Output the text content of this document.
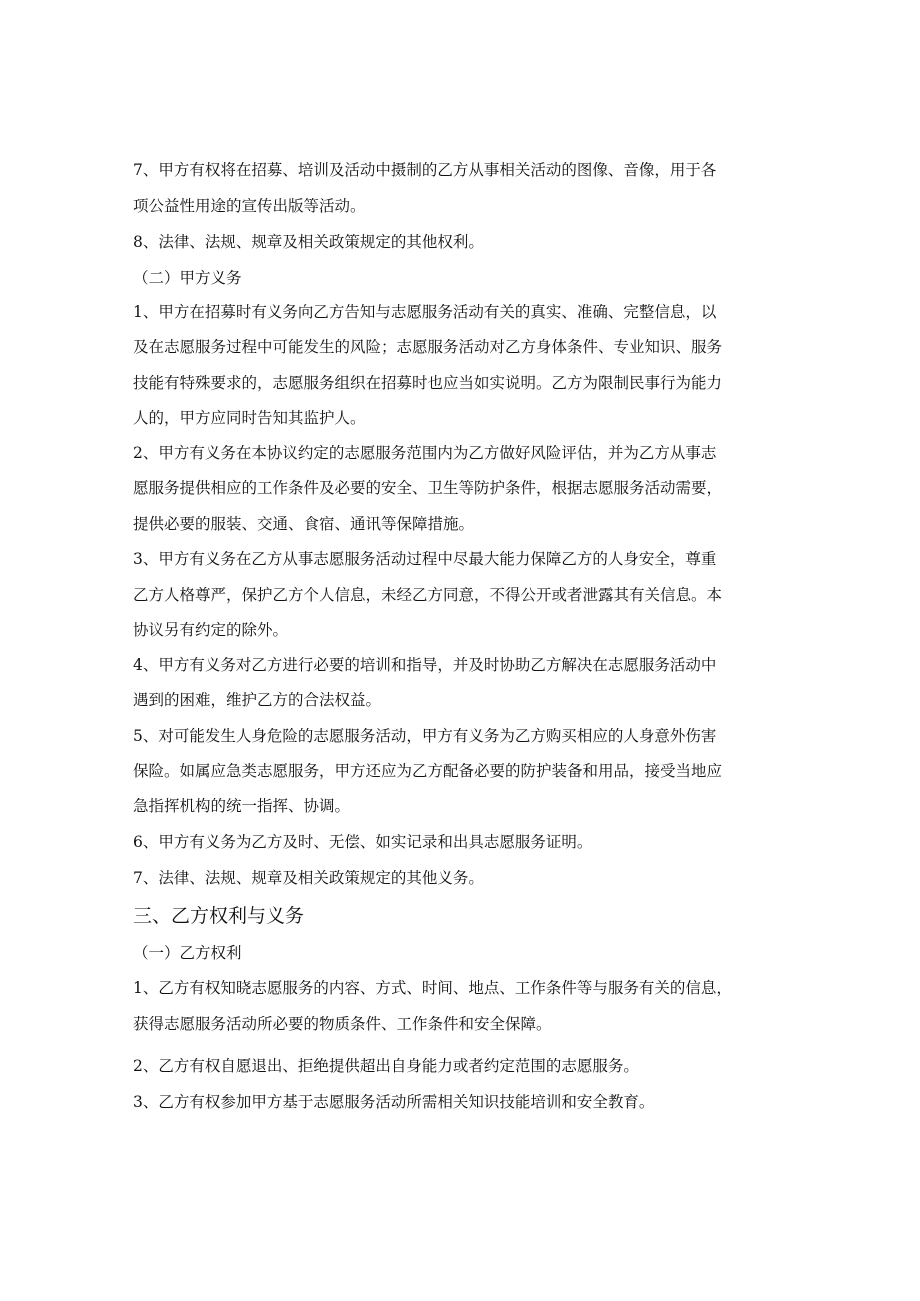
7、甲方有权将在招募、培训及活动中摄制的乙方从事相关活动的图像、音像，用于各
项公益性用途的宣传出版等活动。
8、法律、法规、规章及相关政策规定的其他权利。
（二）甲方义务
1、甲方在招募时有义务向乙方告知与志愿服务活动有关的真实、准确、完整信息，以
及在志愿服务过程中可能发生的风险；志愿服务活动对乙方身体条件、专业知识、服务
技能有特殊要求的，志愿服务组织在招募时也应当如实说明。乙方为限制民事行为能力
人的，甲方应同时告知其监护人。
2、甲方有义务在本协议约定的志愿服务范围内为乙方做好风险评估，并为乙方从事志
愿服务提供相应的工作条件及必要的安全、卫生等防护条件，根据志愿服务活动需要，
提供必要的服装、交通、食宿、通讯等保障措施。
3、甲方有义务在乙方从事志愿服务活动过程中尽最大能力保障乙方的人身安全，尊重
乙方人格尊严，保护乙方个人信息，未经乙方同意，不得公开或者泄露其有关信息。本
协议另有约定的除外。
4、甲方有义务对乙方进行必要的培训和指导，并及时协助乙方解决在志愿服务活动中
遇到的困难，维护乙方的合法权益。
5、对可能发生人身危险的志愿服务活动，甲方有义务为乙方购买相应的人身意外伤害
保险。如属应急类志愿服务，甲方还应为乙方配备必要的防护装备和用品，接受当地应
急指挥机构的统一指挥、协调。
6、甲方有义务为乙方及时、无偿、如实记录和出具志愿服务证明。
7、法律、法规、规章及相关政策规定的其他义务。
三、乙方权利与义务
（一）乙方权利
1、乙方有权知晓志愿服务的内容、方式、时间、地点、工作条件等与服务有关的信息，
获得志愿服务活动所必要的物质条件、工作条件和安全保障。
2、乙方有权自愿退出、拒绝提供超出自身能力或者约定范围的志愿服务。
3、乙方有权参加甲方基于志愿服务活动所需相关知识技能培训和安全教育。
